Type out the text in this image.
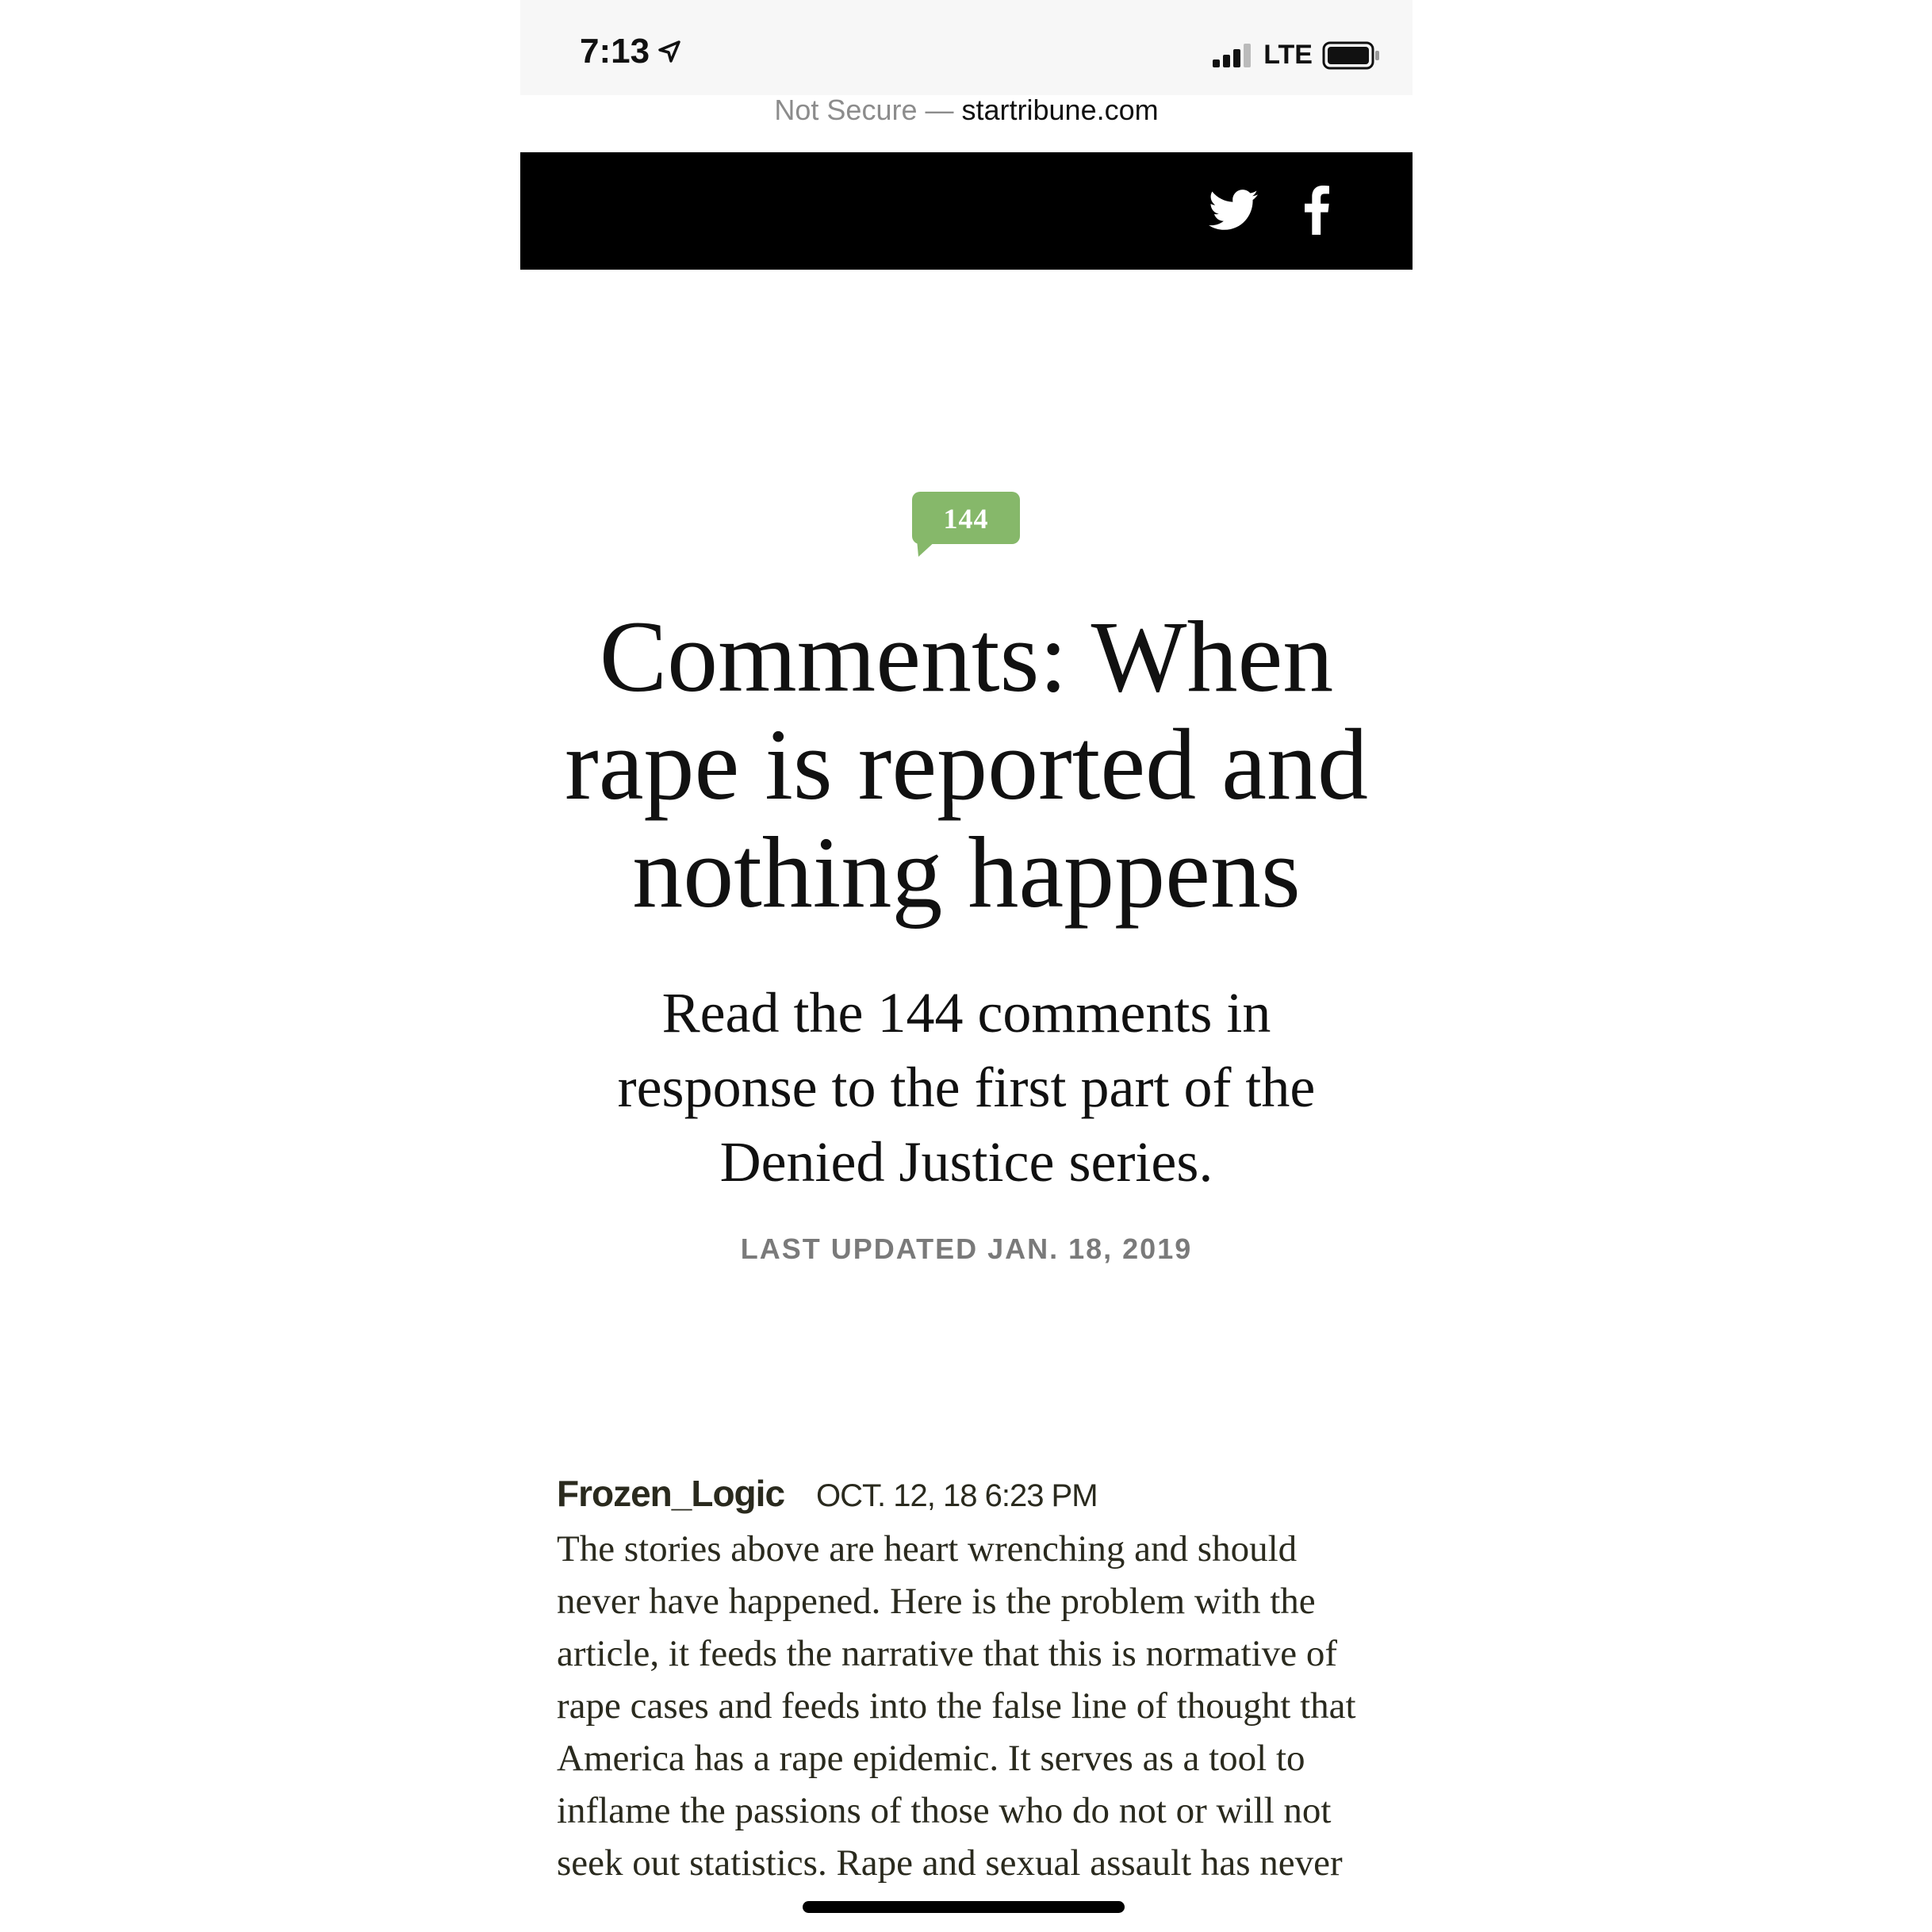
7:13	LTE
Not Secure — startribune.com
144
Comments: When rape is reported and nothing happens

Read the 144 comments in response to the first part of the Denied Justice series.

LAST UPDATED JAN. 18, 2019
Frozen_Logic OCT. 12, 18 6:23 PM

The stories above are heart wrenching and should never have happened. Here is the problem with the article, it feeds the narrative that this is normative of rape cases and feeds into the false line of thought that America has a rape epidemic. It serves as a tool to inflame the passions of those who do not or will not seek out statistics. Rape and sexual assault has never
